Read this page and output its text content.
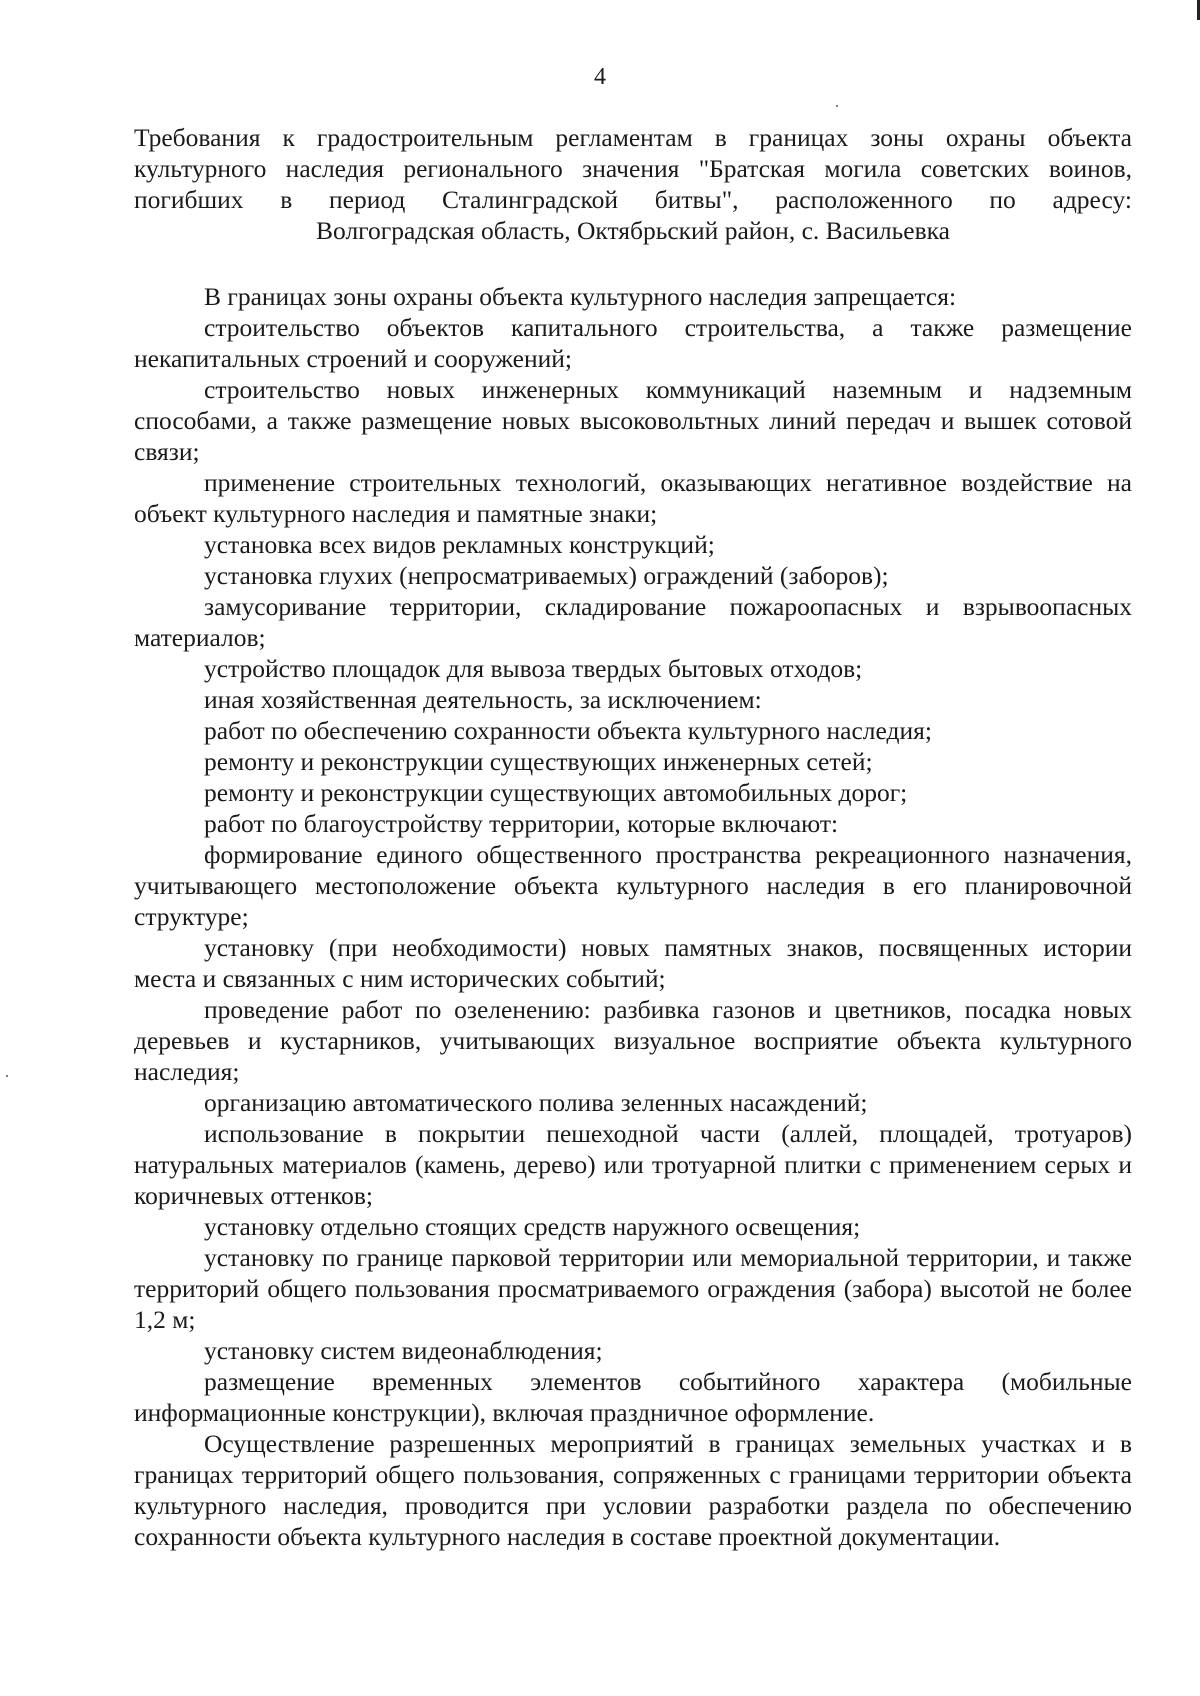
4

Требования к градостроительным регламентам в границах зоны охраны объекта

культурного наследия регионального значения "Братская могила советских воинов,

погибших в период Сталинградской битвы", расположенного по адресу:

Волгоградская область, Октябрьский район, с. Васильевка

В границах зоны охраны объекта культурного наследия запрещается:

строительство объектов капитального строительства, а также размещение некапитальных строений и сооружений;

строительство новых инженерных коммуникаций наземным и надземным способами, а также размещение новых высоковольтных линий передач и вышек сотовой связи;

применение строительных технологий, оказывающих негативное воздействие на объект культурного наследия и памятные знаки;

установка всех видов рекламных конструкций;

установка глухих (непросматриваемых) ограждений (заборов);

замусоривание территории, складирование пожароопасных и взрывоопасных материалов;

устройство площадок для вывоза твердых бытовых отходов;

иная хозяйственная деятельность, за исключением:

работ по обеспечению сохранности объекта культурного наследия;

ремонту и реконструкции существующих инженерных сетей;

ремонту и реконструкции существующих автомобильных дорог;

работ по благоустройству территории, которые включают:

формирование единого общественного пространства рекреационного назначения, учитывающего местоположение объекта культурного наследия в его планировочной структуре;

установку (при необходимости) новых памятных знаков, посвященных истории места и связанных с ним исторических событий;

проведение работ по озеленению: разбивка газонов и цветников, посадка новых деревьев и кустарников, учитывающих визуальное восприятие объекта культурного наследия;

организацию автоматического полива зеленных насаждений;

использование в покрытии пешеходной части (аллей, площадей, тротуаров) натуральных материалов (камень, дерево) или тротуарной плитки с применением серых и коричневых оттенков;

установку отдельно стоящих средств наружного освещения;

установку по границе парковой территории или мемориальной территории, и также территорий общего пользования просматриваемого ограждения (забора) высотой не более 1,2 м;

установку систем видеонаблюдения;

размещение временных элементов событийного характера (мобильные информационные конструкции), включая праздничное оформление.

Осуществление разрешенных мероприятий в границах земельных участках и в границах территорий общего пользования, сопряженных с границами территории объекта культурного наследия, проводится при условии разработки раздела по обеспечению сохранности объекта культурного наследия в составе проектной документации.
